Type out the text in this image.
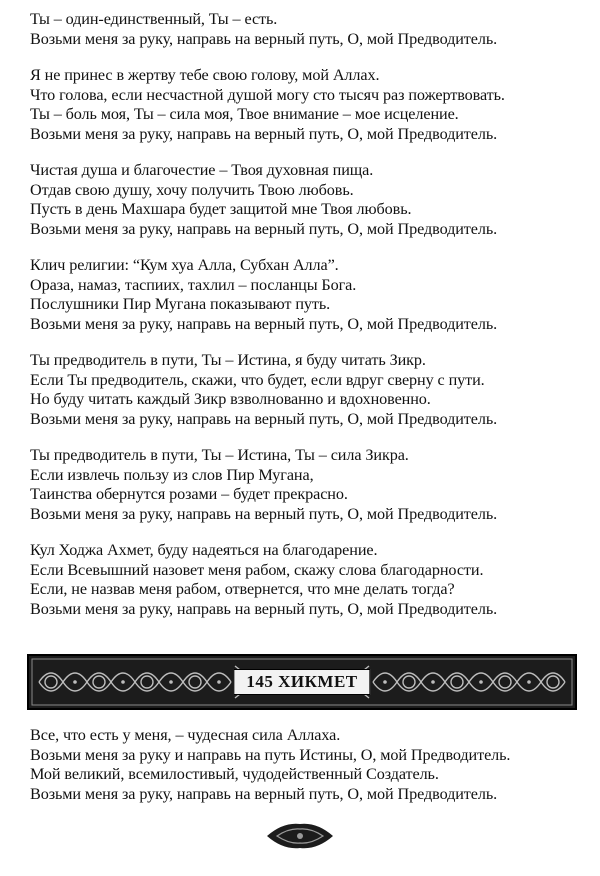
Ты – один-единственный, Ты – есть.
Возьми меня за руку, направь на верный путь, О, мой Предводитель.
Я не принес в жертву тебе свою голову, мой Аллах.
Что голова, если несчастной душой могу сто тысяч раз пожертвовать.
Ты – боль моя, Ты – сила моя, Твое внимание – мое исцеление.
Возьми меня за руку, направь на верный путь, О, мой Предводитель.
Чистая душа и благочестие – Твоя духовная пища.
Отдав свою душу, хочу получить Твою любовь.
Пусть в день Махшара будет защитой мне Твоя любовь.
Возьми меня за руку, направь на верный путь, О, мой Предводитель.
Клич религии: “Кум хуа Алла, Субхан Алла”.
Ораза, намаз, таспиих, тахлил – посланцы Бога.
Послушники Пир Мугана показывают путь.
Возьми меня за руку, направь на верный путь, О, мой Предводитель.
Ты предводитель в пути, Ты – Истина, я буду читать Зикр.
Если Ты предводитель, скажи, что будет, если вдруг сверну с пути.
Но буду читать каждый Зикр взволнованно и вдохновенно.
Возьми меня за руку, направь на верный путь, О, мой Предводитель.
Ты предводитель в пути, Ты – Истина, Ты – сила Зикра.
Если извлечь пользу из слов Пир Мугана,
Таинства обернутся розами – будет прекрасно.
Возьми меня за руку, направь на верный путь, О, мой Предводитель.
Кул Ходжа Ахмет, буду надеяться на благодарение.
Если Всевышний назовет меня рабом, скажу слова благодарности.
Если, не назвав меня рабом, отвернется, что мне делать тогда?
Возьми меня за руку, направь на верный путь, О, мой Предводитель.
145 ХИКМЕТ
Все, что есть у меня, – чудесная сила Аллаха.
Возьми меня за руку и направь на путь Истины, О, мой Предводитель.
Мой великий, всемилостивый, чудодейственный Создатель.
Возьми меня за руку, направь на верный путь, О, мой Предводитель.
